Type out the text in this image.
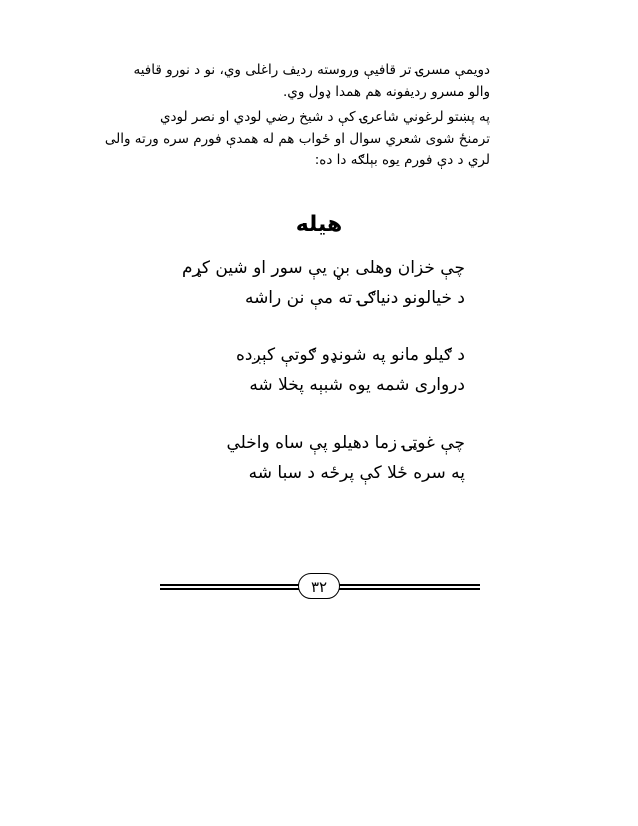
دویمې مسرۍ تر قافیې وروسته ردیف راغلی وي، نو د نورو قافیه

والو مسرو ردیفونه هم همدا ډول وي.

په پښتو لرغوني شاعرۍ کې د شیخ رضي لودي او نصر لودي

ترمنځ شوی شعري سوال او ځواب هم له همدې فورم سره ورته والی

لري د دې فورم یوه بېلګه دا ده:

هیله

چې خزان وهلی بڼ یې سور او شین کړم

د خیالونو دنیاګۍ ته مې نن راشه

د ګیلو مانو په شونډو ګوتې کېږده

درواری شمه یوه شبېه پخلا شه

چې غوټۍ زما دهیلو پې ساه واخلي

په سره ځلا کې پرځه د سبا شه

۳۲
